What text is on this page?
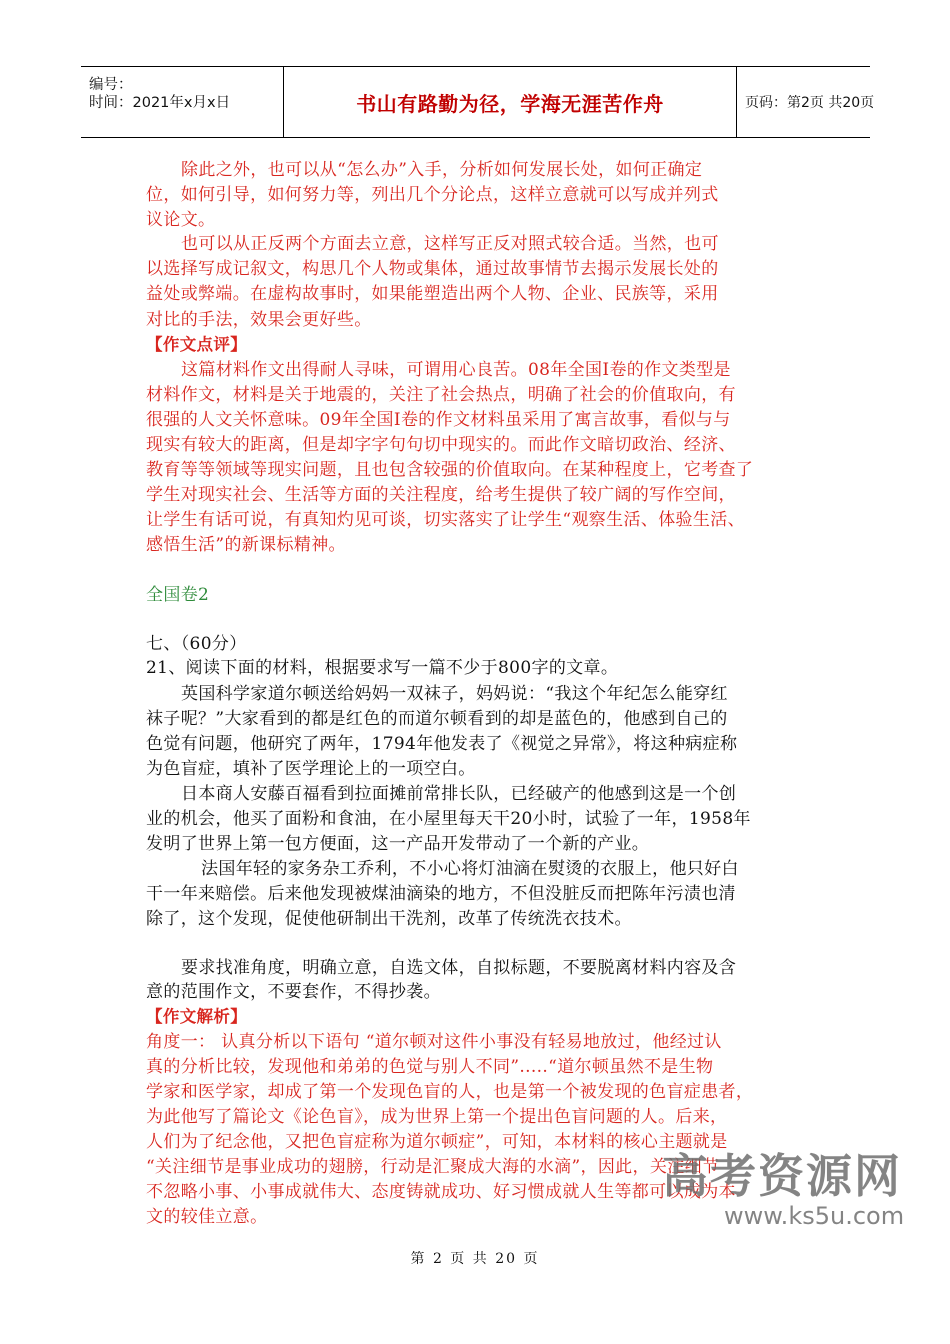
编号：
时间：2021年x月x日	书山有路勤为径，学海无涯苦作舟	页码：第2页 共20页
除此之外，也可以从“怎么办”入手，分析如何发展长处，如何正确定
位，如何引导，如何努力等，列出几个分论点，这样立意就可以写成并列式
议论文。
也可以从正反两个方面去立意，这样写正反对照式较合适。当然，也可
以选择写成记叙文，构思几个人物或集体，通过故事情节去揭示发展长处的
益处或弊端。在虚构故事时，如果能塑造出两个人物、企业、民族等，采用
对比的手法，效果会更好些。
【作文点评】
这篇材料作文出得耐人寻味，可谓用心良苦。08年全国Ⅰ卷的作文类型是
材料作文，材料是关于地震的，关注了社会热点，明确了社会的价值取向，有
很强的人文关怀意味。09年全国Ⅰ卷的作文材料虽采用了寓言故事，看似与与
现实有较大的距离，但是却字字句句切中现实的。而此作文暗切政治、经济、
教育等等领域等现实问题，且也包含较强的价值取向。在某种程度上，它考查了
学生对现实社会、生活等方面的关注程度，给考生提供了较广阔的写作空间，
让学生有话可说，有真知灼见可谈，切实落实了让学生“观察生活、体验生活、
感悟生活”的新课标精神。
全国卷2
七、（60分）
21、阅读下面的材料，根据要求写一篇不少于800字的文章。
英国科学家道尔顿送给妈妈一双袜子，妈妈说：“我这个年纪怎么能穿红
袜子呢？”大家看到的都是红色的而道尔顿看到的却是蓝色的，他感到自己的
色觉有问题，他研究了两年，1794年他发表了《视觉之异常》，将这种病症称
为色盲症，填补了医学理论上的一项空白。
日本商人安藤百福看到拉面摊前常排长队，已经破产的他感到这是一个创
业的机会，他买了面粉和食油，在小屋里每天干20小时，试验了一年，1958年
发明了世界上第一包方便面，这一产品开发带动了一个新的产业。
法国年轻的家务杂工乔利，不小心将灯油滴在熨烫的衣服上，他只好白
干一年来赔偿。后来他发现被煤油滴染的地方，不但没脏反而把陈年污渍也清
除了，这个发现，促使他研制出干洗剂，改革了传统洗衣技术。
要求找准角度，明确立意，自选文体，自拟标题，不要脱离材料内容及含
意的范围作文，不要套作，不得抄袭。
【作文解析】
角度一： 认真分析以下语句 “道尔顿对这件小事没有轻易地放过，他经过认
真的分析比较，发现他和弟弟的色觉与别人不同”.....“道尔顿虽然不是生物
学家和医学家，却成了第一个发现色盲的人，也是第一个被发现的色盲症患者，
为此他写了篇论文《论色盲》，成为世界上第一个提出色盲问题的人。后来，
人们为了纪念他，又把色盲症称为道尔顿症”，可知，本材料的核心主题就是
“关注细节是事业成功的翅膀，行动是汇聚成大海的水滴”，因此，关注细节
不忽略小事、小事成就伟大、态度铸就成功、好习惯成就人生等都可以成为本
文的较佳立意。
高考资源网
www.ks5u.com
第 2 页 共 20 页
